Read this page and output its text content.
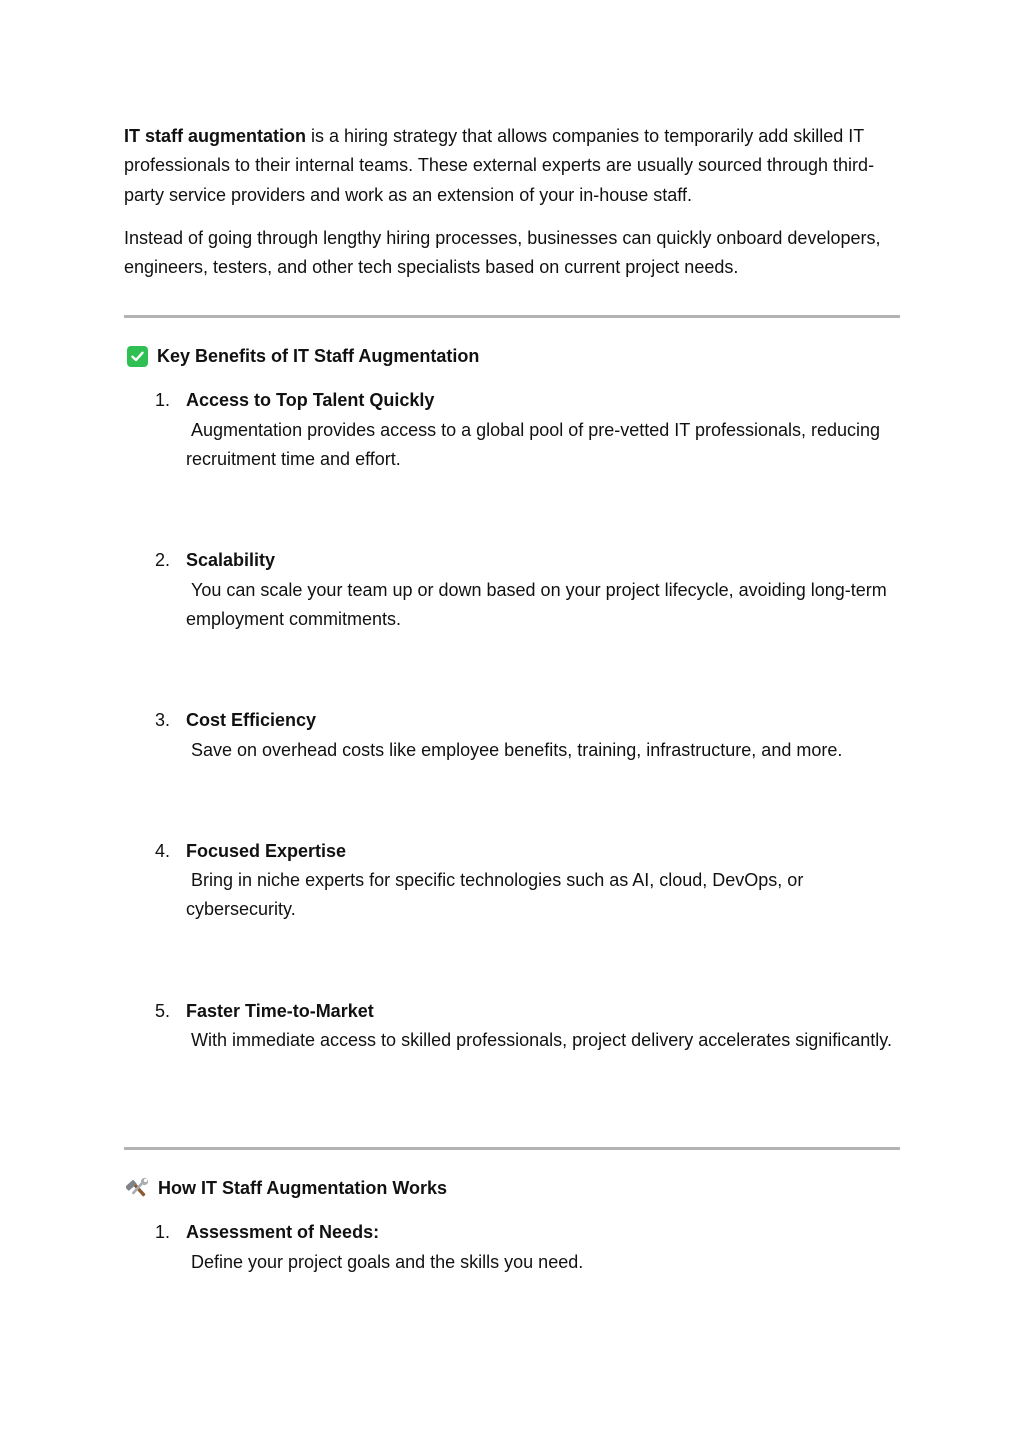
IT staff augmentation is a hiring strategy that allows companies to temporarily add skilled IT professionals to their internal teams. These external experts are usually sourced through third-party service providers and work as an extension of your in-house staff.

Instead of going through lengthy hiring processes, businesses can quickly onboard developers, engineers, testers, and other tech specialists based on current project needs.

Key Benefits of IT Staff Augmentation
1. Access to Top Talent Quickly
Augmentation provides access to a global pool of pre-vetted IT professionals, reducing recruitment time and effort.
2. Scalability
You can scale your team up or down based on your project lifecycle, avoiding long-term employment commitments.
3. Cost Efficiency
Save on overhead costs like employee benefits, training, infrastructure, and more.
4. Focused Expertise
Bring in niche experts for specific technologies such as AI, cloud, DevOps, or cybersecurity.
5. Faster Time-to-Market
With immediate access to skilled professionals, project delivery accelerates significantly.
How IT Staff Augmentation Works
1. Assessment of Needs:
Define your project goals and the skills you need.
